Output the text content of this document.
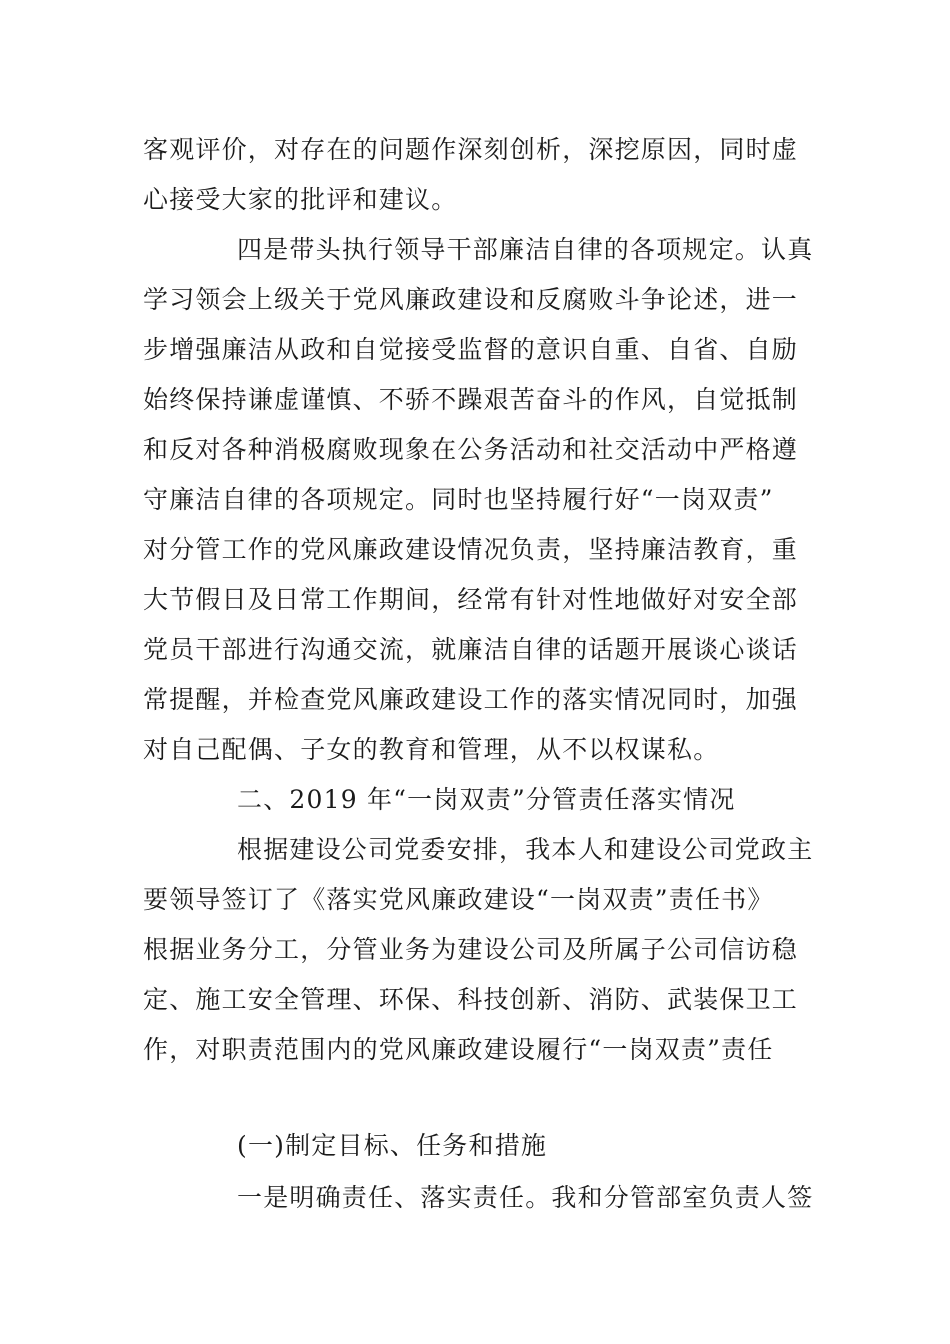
客观评价，对存在的问题作深刻创析，深挖原因，同时虚
心接受大家的批评和建议。
四是带头执行领导干部廉洁自律的各项规定。认真
学习领会上级关于党风廉政建设和反腐败斗争论述，进一
步增强廉洁从政和自觉接受监督的意识自重、自省、自励
始终保持谦虚谨慎、不骄不躁艰苦奋斗的作风，自觉抵制
和反对各种消极腐败现象在公务活动和社交活动中严格遵
守廉洁自律的各项规定。同时也坚持履行好“一岗双责”
对分管工作的党风廉政建设情况负责，坚持廉洁教育，重
大节假日及日常工作期间，经常有针对性地做好对安全部
党员干部进行沟通交流，就廉洁自律的话题开展谈心谈话
常提醒，并检查党风廉政建设工作的落实情况同时，加强
对自己配偶、子女的教育和管理，从不以权谋私。
二、2019 年“一岗双责”分管责任落实情况
根据建设公司党委安排，我本人和建设公司党政主
要领导签订了《落实党风廉政建设“一岗双责”责任书》
根据业务分工，分管业务为建设公司及所属子公司信访稳
定、施工安全管理、环保、科技创新、消防、武装保卫工
作，对职责范围内的党风廉政建设履行“一岗双责”责任
(一)制定目标、任务和措施
一是明确责任、落实责任。我和分管部室负责人签
